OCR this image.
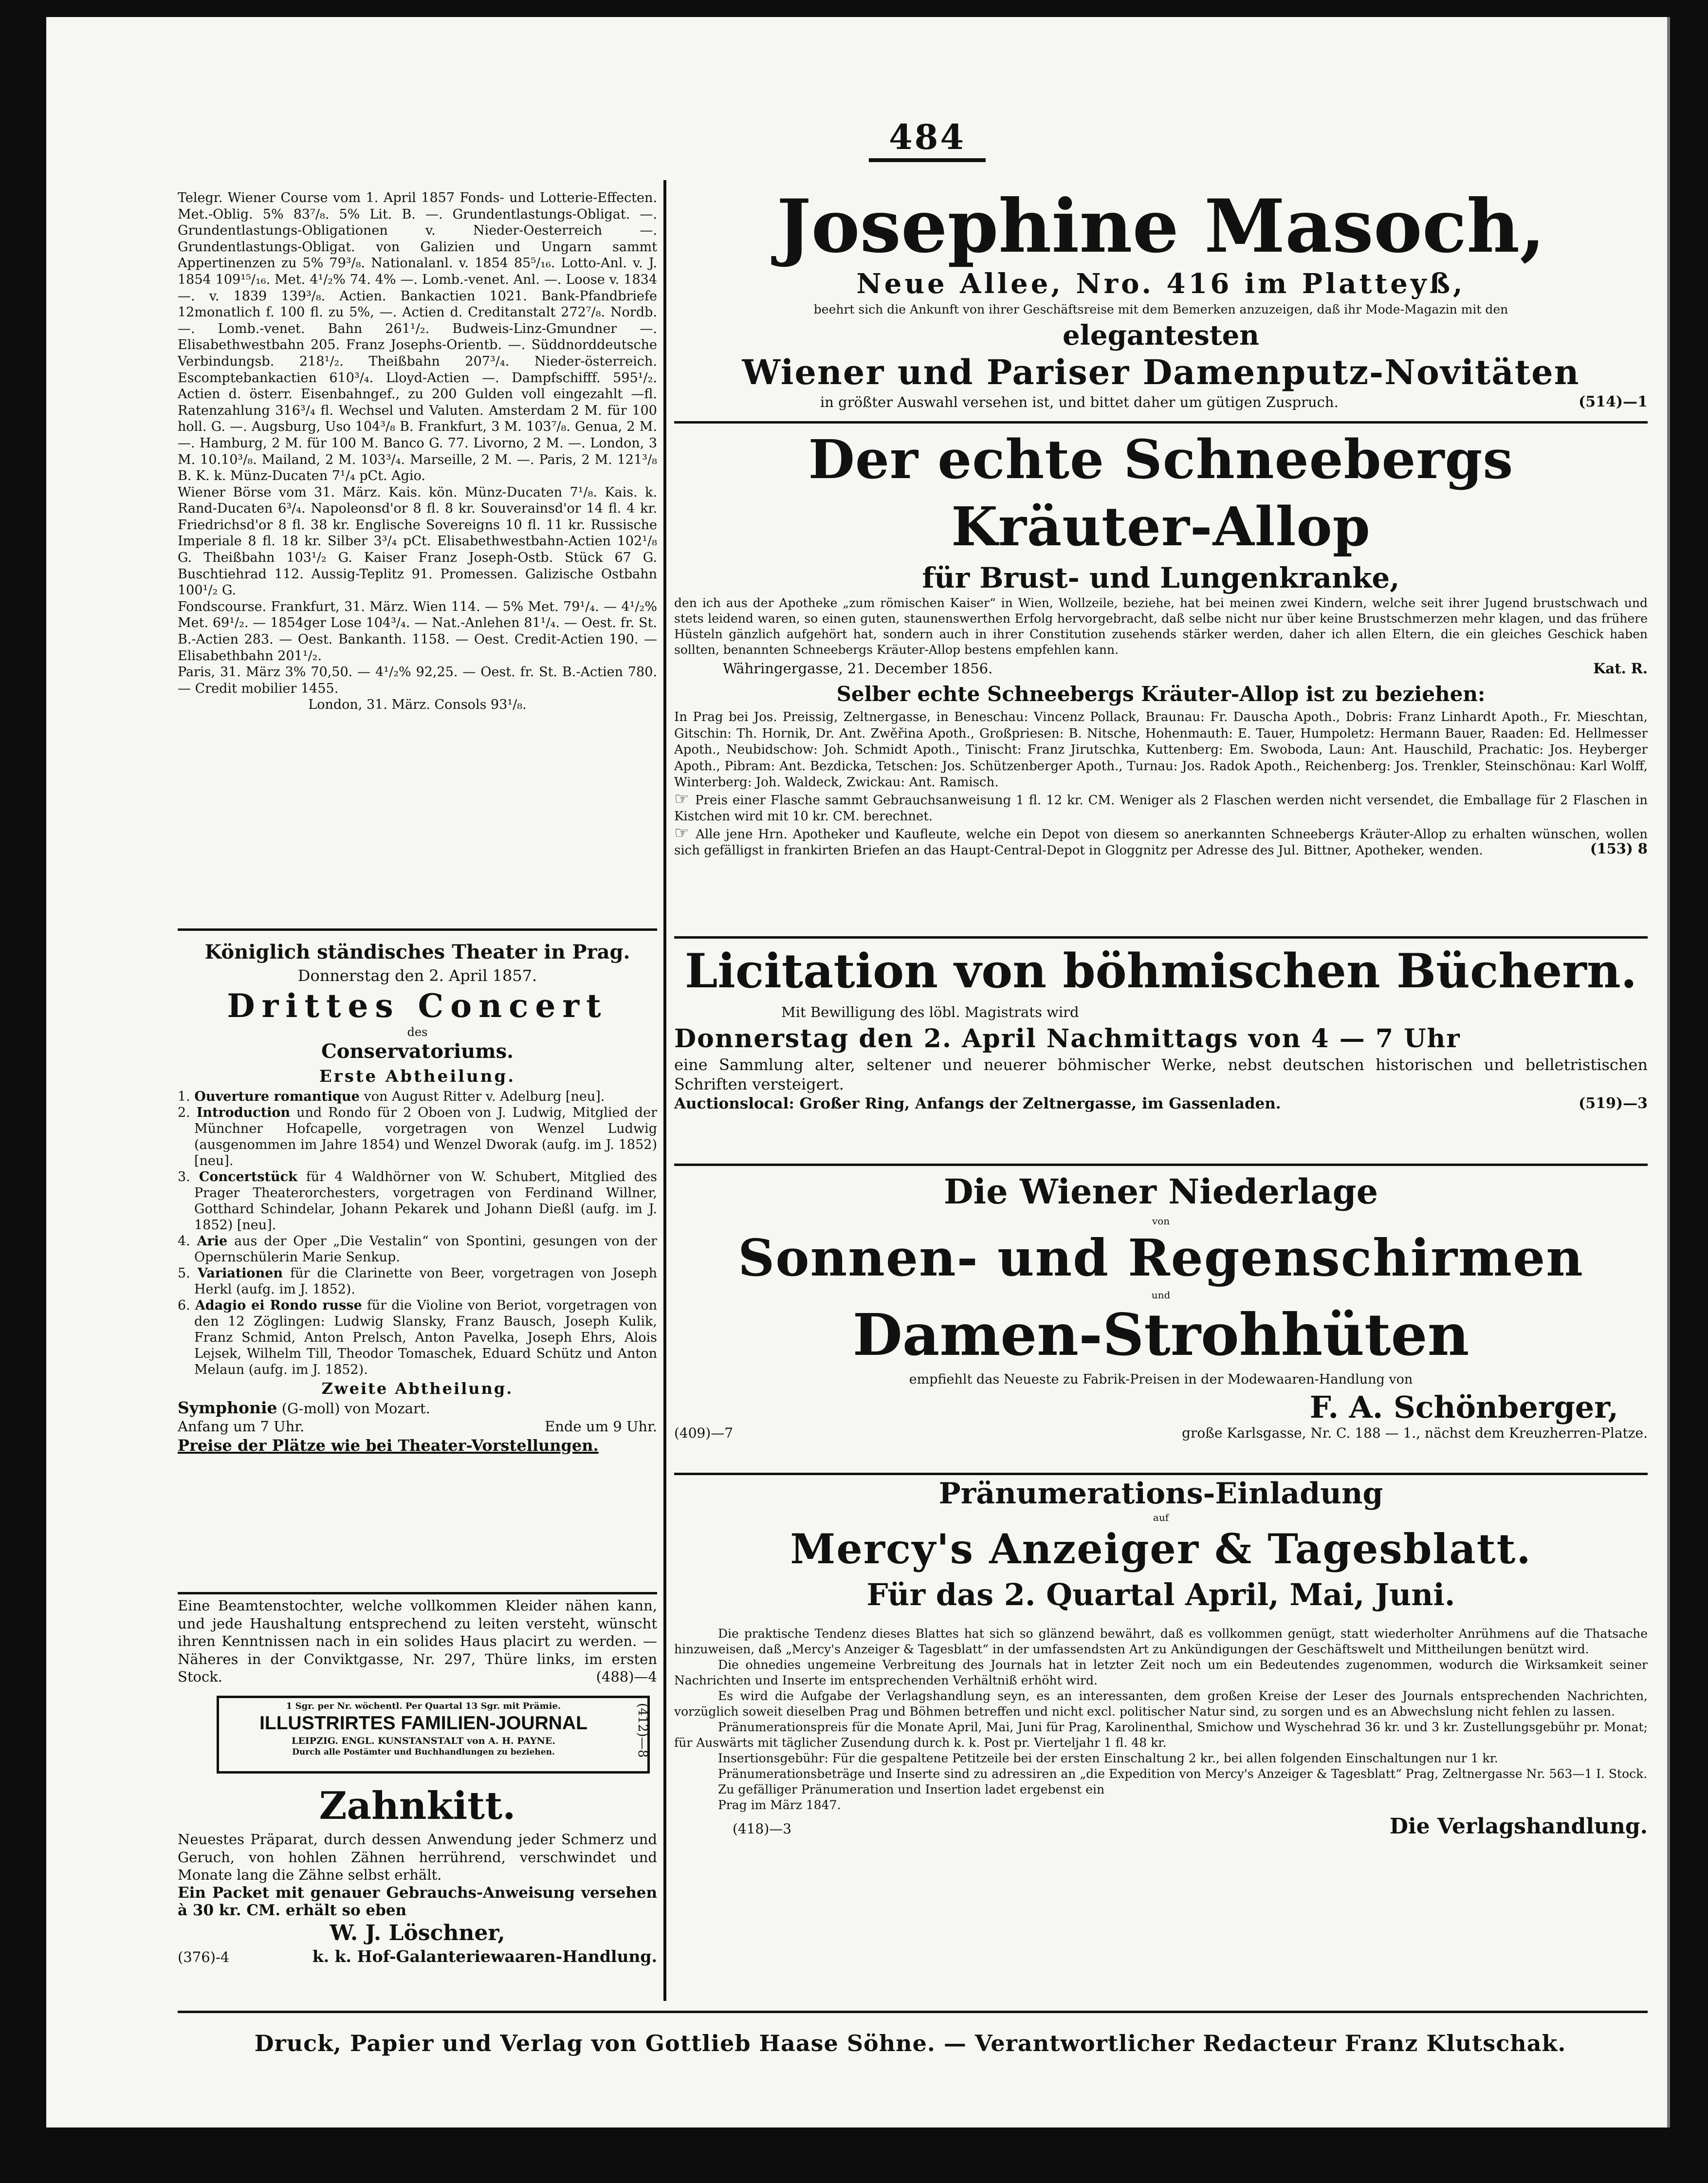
484

Telegr. Wiener Course vom 1. April 1857 Fonds- und Lotterie-Effecten. Met.-Oblig. 5% 83⁷/₈. 5% Lit. B. —. Grundentlastungs-Obligat. —. Grundentlastungs-Obligationen v. Nieder-Oesterreich —. Grundentlastungs-Obligat. von Galizien und Ungarn sammt Appertinenzen zu 5% 79³/₈. Nationalanl. v. 1854 85⁵/₁₆. Lotto-Anl. v. J. 1854 109¹⁵/₁₆. Met. 4¹/₂% 74. 4% —. Lomb.-venet. Anl. —. Loose v. 1834 —. v. 1839 139³/₈. Actien. Bankactien 1021. Bank-Pfandbriefe 12monatlich f. 100 fl. zu 5%, —. Actien d. Creditanstalt 272⁷/₈. Nordb. —. Lomb.-venet. Bahn 261¹/₂. Budweis-Linz-Gmundner —. Elisabethwestbahn 205. Franz Josephs-Orientb. —. Süddnorddeutsche Verbindungsb. 218¹/₂. Theißbahn 207³/₄. Nieder-österreich. Escomptebankactien 610³/₄. Lloyd-Actien —. Dampfschifff. 595¹/₂. Actien d. österr. Eisenbahngef., zu 200 Gulden voll eingezahlt —fl. Ratenzahlung 316³/₄ fl. Wechsel und Valuten. Amsterdam 2 M. für 100 holl. G. —. Augsburg, Uso 104³/₈ B. Frankfurt, 3 M. 103⁷/₈. Genua, 2 M. —. Hamburg, 2 M. für 100 M. Banco G. 77. Livorno, 2 M. —. London, 3 M. 10.10³/₈. Mailand, 2 M. 103³/₄. Marseille, 2 M. —. Paris, 2 M. 121³/₈ B. K. k. Münz-Ducaten 7¹/₄ pCt. Agio.

Wiener Börse vom 31. März. Kais. kön. Münz-Ducaten 7¹/₈. Kais. k. Rand-Ducaten 6³/₄. Napoleonsd'or 8 fl. 8 kr. Souverainsd'or 14 fl. 4 kr. Friedrichsd'or 8 fl. 38 kr. Englische Sovereigns 10 fl. 11 kr. Russische Imperiale 8 fl. 18 kr. Silber 3³/₄ pCt. Elisabethwestbahn-Actien 102¹/₈ G. Theißbahn 103¹/₂ G. Kaiser Franz Joseph-Ostb. Stück 67 G. Buschtiehrad 112. Aussig-Teplitz 91. Promessen. Galizische Ostbahn 100¹/₂ G.

Fondscourse. Frankfurt, 31. März. Wien 114. — 5% Met. 79¹/₄. — 4¹/₂% Met. 69¹/₂. — 1854ger Lose 104³/₄. — Nat.-Anlehen 81¹/₄. — Oest. fr. St. B.-Actien 283. — Oest. Bankanth. 1158. — Oest. Credit-Actien 190. — Elisabethbahn 201¹/₂.

Paris, 31. März 3% 70,50. — 4¹/₂% 92,25. — Oest. fr. St. B.-Actien 780. — Credit mobilier 1455.

London, 31. März. Consols 93¹/₈.

Königlich ständisches Theater in Prag.
Donnerstag den 2. April 1857.
Drittes Concert
des
Conservatoriums.
Erste Abtheilung.

1. Ouverture romantique von August Ritter v. Adelburg [neu].

2. Introduction und Rondo für 2 Oboen von J. Ludwig, Mitglied der Münchner Hofcapelle, vorgetragen von Wenzel Ludwig (ausgenommen im Jahre 1854) und Wenzel Dworak (aufg. im J. 1852) [neu].

3. Concertstück für 4 Waldhörner von W. Schubert, Mitglied des Prager Theaterorchesters, vorgetragen von Ferdinand Willner, Gotthard Schindelar, Johann Pekarek und Johann Dießl (aufg. im J. 1852) [neu].

4. Arie aus der Oper „Die Vestalin“ von Spontini, gesungen von der Opernschülerin Marie Senkup.

5. Variationen für die Clarinette von Beer, vorgetragen von Joseph Herkl (aufg. im J. 1852).

6. Adagio ei Rondo russe für die Violine von Beriot, vorgetragen von den 12 Zöglingen: Ludwig Slansky, Franz Bausch, Joseph Kulik, Franz Schmid, Anton Prelsch, Anton Pavelka, Joseph Ehrs, Alois Lejsek, Wilhelm Till, Theodor Tomaschek, Eduard Schütz und Anton Melaun (aufg. im J. 1852).

Zweite Abtheilung.

Symphonie (G-moll) von Mozart.

Anfang um 7 Uhr.	Ende um 9 Uhr.
Preise der Plätze wie bei Theater-Vorstellungen.

Eine Beamtenstochter, welche vollkommen Kleider nähen kann, und jede Haushaltung entsprechend zu leiten versteht, wünscht ihren Kenntnissen nach in ein solides Haus placirt zu werden. — Näheres in der Conviktgasse, Nr. 297, Thüre links, im ersten Stock.	(488)—4
1 Sgr. per Nr. wöchentl. Per Quartal 13 Sgr. mit Prämie.
ILLUSTRIRTES FAMILIEN-JOURNAL
LEIPZIG. ENGL. KUNSTANSTALT von A. H. PAYNE.
Durch alle Postämter und Buchhandlungen zu beziehen.	(412)—8
Zahnkitt.

Neuestes Präparat, durch dessen Anwendung jeder Schmerz und Geruch, von hohlen Zähnen herrührend, verschwindet und Monate lang die Zähne selbst erhält.

Ein Packet mit genauer Gebrauchs-Anweisung versehen à 30 kr. CM. erhält so eben

W. J. Löschner,
(376)-4	k. k. Hof-Galanteriewaaren-Handlung.
Josephine Masoch,
Neue Allee, Nro. 416 im Platteyß,
beehrt sich die Ankunft von ihrer Geschäftsreise mit dem Bemerken anzuzeigen, daß ihr Mode-Magazin mit den
elegantesten
Wiener und Pariser Damenputz-Novitäten
in größter Auswahl versehen ist, und bittet daher um gütigen Zuspruch.	(514)—1
Der echte Schneebergs Kräuter-Allop
für Brust- und Lungenkranke,

den ich aus der Apotheke „zum römischen Kaiser“ in Wien, Wollzeile, beziehe, hat bei meinen zwei Kindern, welche seit ihrer Jugend brustschwach und stets leidend waren, so einen guten, staunenswerthen Erfolg hervorgebracht, daß selbe nicht nur über keine Brustschmerzen mehr klagen, und das frühere Hüsteln gänzlich aufgehört hat, sondern auch in ihrer Constitution zusehends stärker werden, daher ich allen Eltern, die ein gleiches Geschick haben sollten, benannten Schneebergs Kräuter-Allop bestens empfehlen kann.

Währingergasse, 21. December 1856.	Kat. R.
Selber echte Schneebergs Kräuter-Allop ist zu beziehen:

In Prag bei Jos. Preissig, Zeltnergasse, in Beneschau: Vincenz Pollack, Braunau: Fr. Dauscha Apoth., Dobris: Franz Linhardt Apoth., Fr. Mieschtan, Gitschin: Th. Hornik, Dr. Ant. Zwěřina Apoth., Großpriesen: B. Nitsche, Hohenmauth: E. Tauer, Humpoletz: Hermann Bauer, Raaden: Ed. Hellmesser Apoth., Neubidschow: Joh. Schmidt Apoth., Tinischt: Franz Jirutschka, Kuttenberg: Em. Swoboda, Laun: Ant. Hauschild, Prachatic: Jos. Heyberger Apoth., Pibram: Ant. Bezdicka, Tetschen: Jos. Schützenberger Apoth., Turnau: Jos. Radok Apoth., Reichenberg: Jos. Trenkler, Steinschönau: Karl Wolff, Winterberg: Joh. Waldeck, Zwickau: Ant. Ramisch.

☞ Preis einer Flasche sammt Gebrauchsanweisung 1 fl. 12 kr. CM. Weniger als 2 Flaschen werden nicht versendet, die Emballage für 2 Flaschen in Kistchen wird mit 10 kr. CM. berechnet.

☞ Alle jene Hrn. Apotheker und Kaufleute, welche ein Depot von diesem so anerkannten Schneebergs Kräuter-Allop zu erhalten wünschen, wollen sich gefälligst in frankirten Briefen an das Haupt-Central-Depot in Gloggnitz per Adresse des Jul. Bittner, Apotheker, wenden.	(153) 8
Licitation von böhmischen Büchern.
Mit Bewilligung des löbl. Magistrats wird
Donnerstag den 2. April Nachmittags von 4 — 7 Uhr

eine Sammlung alter, seltener und neuerer böhmischer Werke, nebst deutschen historischen und belletristischen Schriften versteigert.

Auctionslocal: Großer Ring, Anfangs der Zeltnergasse, im Gassenladen.	(519)—3
Die Wiener Niederlage
von
Sonnen- und Regenschirmen
und
Damen-Strohhüten
empfiehlt das Neueste zu Fabrik-Preisen in der Modewaaren-Handlung von
F. A. Schönberger,
(409)—7	große Karlsgasse, Nr. C. 188 — 1., nächst dem Kreuzherren-Platze.
Pränumerations-Einladung
auf
Mercy's Anzeiger & Tagesblatt.
Für das 2. Quartal April, Mai, Juni.

Die praktische Tendenz dieses Blattes hat sich so glänzend bewährt, daß es vollkommen genügt, statt wiederholter Anrühmens auf die Thatsache hinzuweisen, daß „Mercy's Anzeiger & Tagesblatt“ in der umfassendsten Art zu Ankündigungen der Geschäftswelt und Mittheilungen benützt wird.

Die ohnedies ungemeine Verbreitung des Journals hat in letzter Zeit noch um ein Bedeutendes zugenommen, wodurch die Wirksamkeit seiner Nachrichten und Inserte im entsprechenden Verhältniß erhöht wird.

Es wird die Aufgabe der Verlagshandlung seyn, es an interessanten, dem großen Kreise der Leser des Journals entsprechenden Nachrichten, vorzüglich soweit dieselben Prag und Böhmen betreffen und nicht excl. politischer Natur sind, zu sorgen und es an Abwechslung nicht fehlen zu lassen.

Pränumerationspreis für die Monate April, Mai, Juni für Prag, Karolinenthal, Smichow und Wyschehrad 36 kr. und 3 kr. Zustellungsgebühr pr. Monat; für Auswärts mit täglicher Zusendung durch k. k. Post pr. Vierteljahr 1 fl. 48 kr.

Insertionsgebühr: Für die gespaltene Petitzeile bei der ersten Einschaltung 2 kr., bei allen folgenden Einschaltungen nur 1 kr.

Pränumerationsbeträge und Inserte sind zu adressiren an „die Expedition von Mercy's Anzeiger & Tagesblatt“ Prag, Zeltnergasse Nr. 563—1 I. Stock.

Zu gefälliger Pränumeration und Insertion ladet ergebenst ein
Prag im März 1847.
(418)—3	Die Verlagshandlung.
Druck, Papier und Verlag von Gottlieb Haase Söhne. — Verantwortlicher Redacteur Franz Klutschak.
